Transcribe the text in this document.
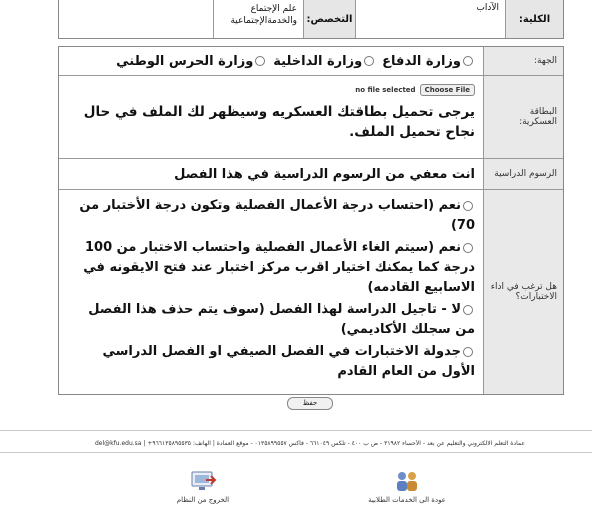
الكلية:
الآداب
التخصص:
علم الإجتماع والخدمةالإجتماعية
الجهة:
وزارة الدفاع
وزارة الداخلية
وزارة الحرس الوطني
البطاقة العسكرية:
Choose File
no file selected
يرجى تحميل بطاقتك العسكريه وسيظهر لك الملف في حال نجاح تحميل الملف.
الرسوم الدراسية
انت معفي من الرسوم الدراسية في هذا الفصل
هل ترغب في اداء الاختبارات؟
نعم (احتساب درجة الأعمال الفصلية وتكون درجة الأختبار من 70)
نعم (سيتم الغاء الأعمال الفصلية واحتساب الاختبار من 100 درجة كما يمكنك اختيار اقرب مركز اختبار عند فتح الايقونه في الاسابيع القادمه)
لا - تاجيل الدراسة لهذا الفصل (سوف يتم حذف هذا الفصل من سجلك الأكاديمي)
جدولة الاختبارات في الفصل الصيفي او الفصل الدراسي الأول من العام القادم
حفظ
عمادة التعلم الالكتروني والتعليم عن بعد - الأحساء ٣١٩٨٢ - ص ب ٤٠٠ - تلكس ٦٦١٠٤٩ - فاكس ٠١٣٥٨٩٩٥٥٧ - موقع العمادة | الهاتف: ٩٦٦١٣٥٨٩٥٥٣٥+ | del@kfu.edu.sa
عودة الى الخدمات الطلابية
الخروج من النظام
